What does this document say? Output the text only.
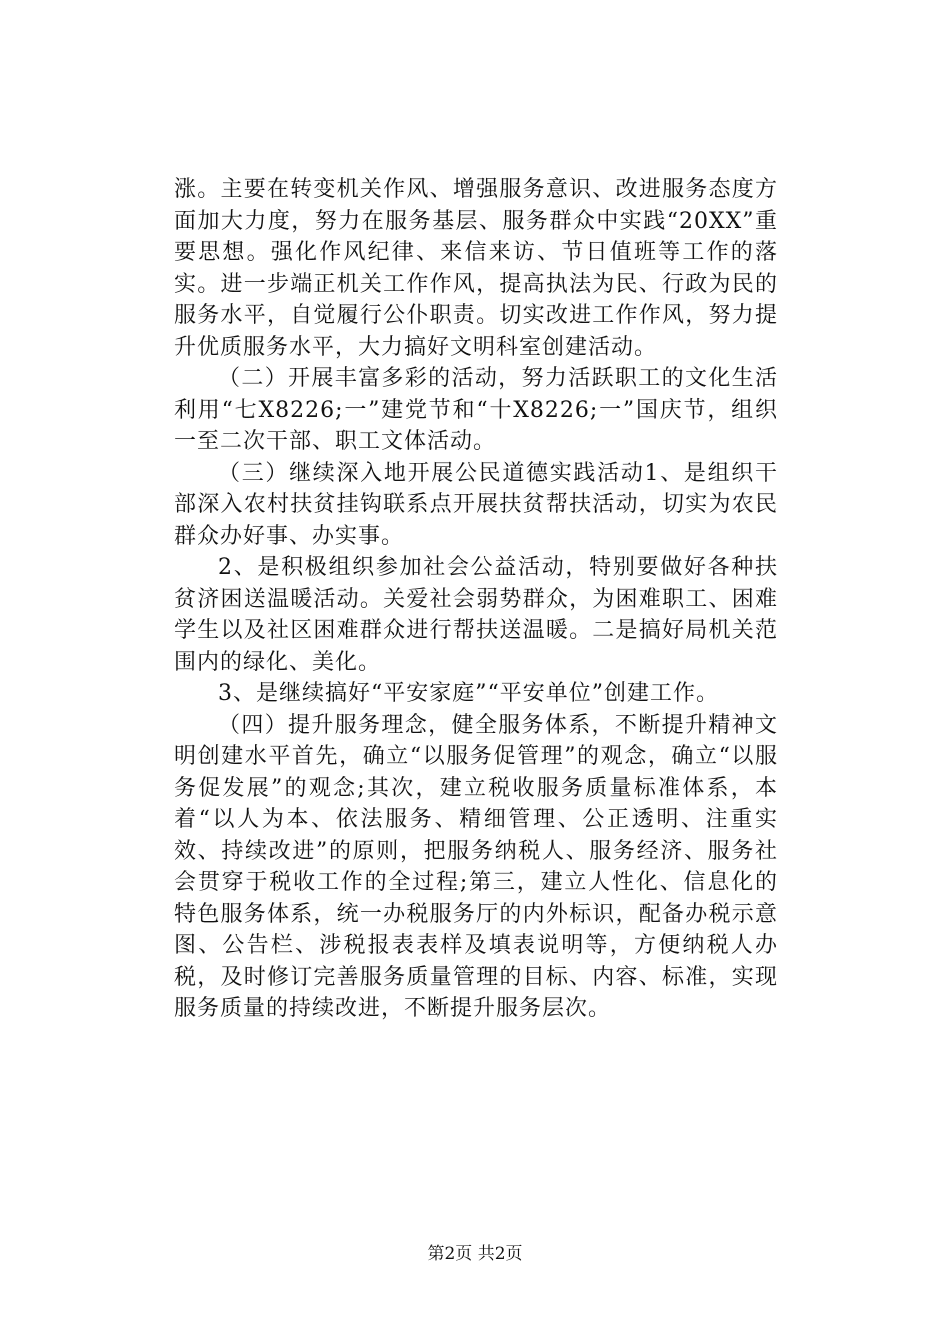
涨。主要在转变机关作风、增强服务意识、改进服务态度方面加大力度，努力在服务基层、服务群众中实践“20XX”重要思想。强化作风纪律、来信来访、节日值班等工作的落实。进一步端正机关工作作风，提高执法为民、行政为民的服务水平，自觉履行公仆职责。切实改进工作作风，努力提升优质服务水平，大力搞好文明科室创建活动。

（二）开展丰富多彩的活动，努力活跃职工的文化生活利用“七X8226;一”建党节和“十X8226;一”国庆节，组织一至二次干部、职工文体活动。

（三）继续深入地开展公民道德实践活动1、是组织干部深入农村扶贫挂钩联系点开展扶贫帮扶活动，切实为农民群众办好事、办实事。

2、是积极组织参加社会公益活动，特别要做好各种扶贫济困送温暖活动。关爱社会弱势群众，为困难职工、困难学生以及社区困难群众进行帮扶送温暖。二是搞好局机关范围内的绿化、美化。

3、是继续搞好“平安家庭”“平安单位”创建工作。

（四）提升服务理念，健全服务体系，不断提升精神文明创建水平首先，确立“以服务促管理”的观念，确立“以服务促发展”的观念;其次，建立税收服务质量标准体系，本着“以人为本、依法服务、精细管理、公正透明、注重实效、持续改进”的原则，把服务纳税人、服务经济、服务社会贯穿于税收工作的全过程;第三，建立人性化、信息化的特色服务体系，统一办税服务厅的内外标识，配备办税示意图、公告栏、涉税报表表样及填表说明等，方便纳税人办税，及时修订完善服务质量管理的目标、内容、标准，实现服务质量的持续改进，不断提升服务层次。

第2页 共2页
